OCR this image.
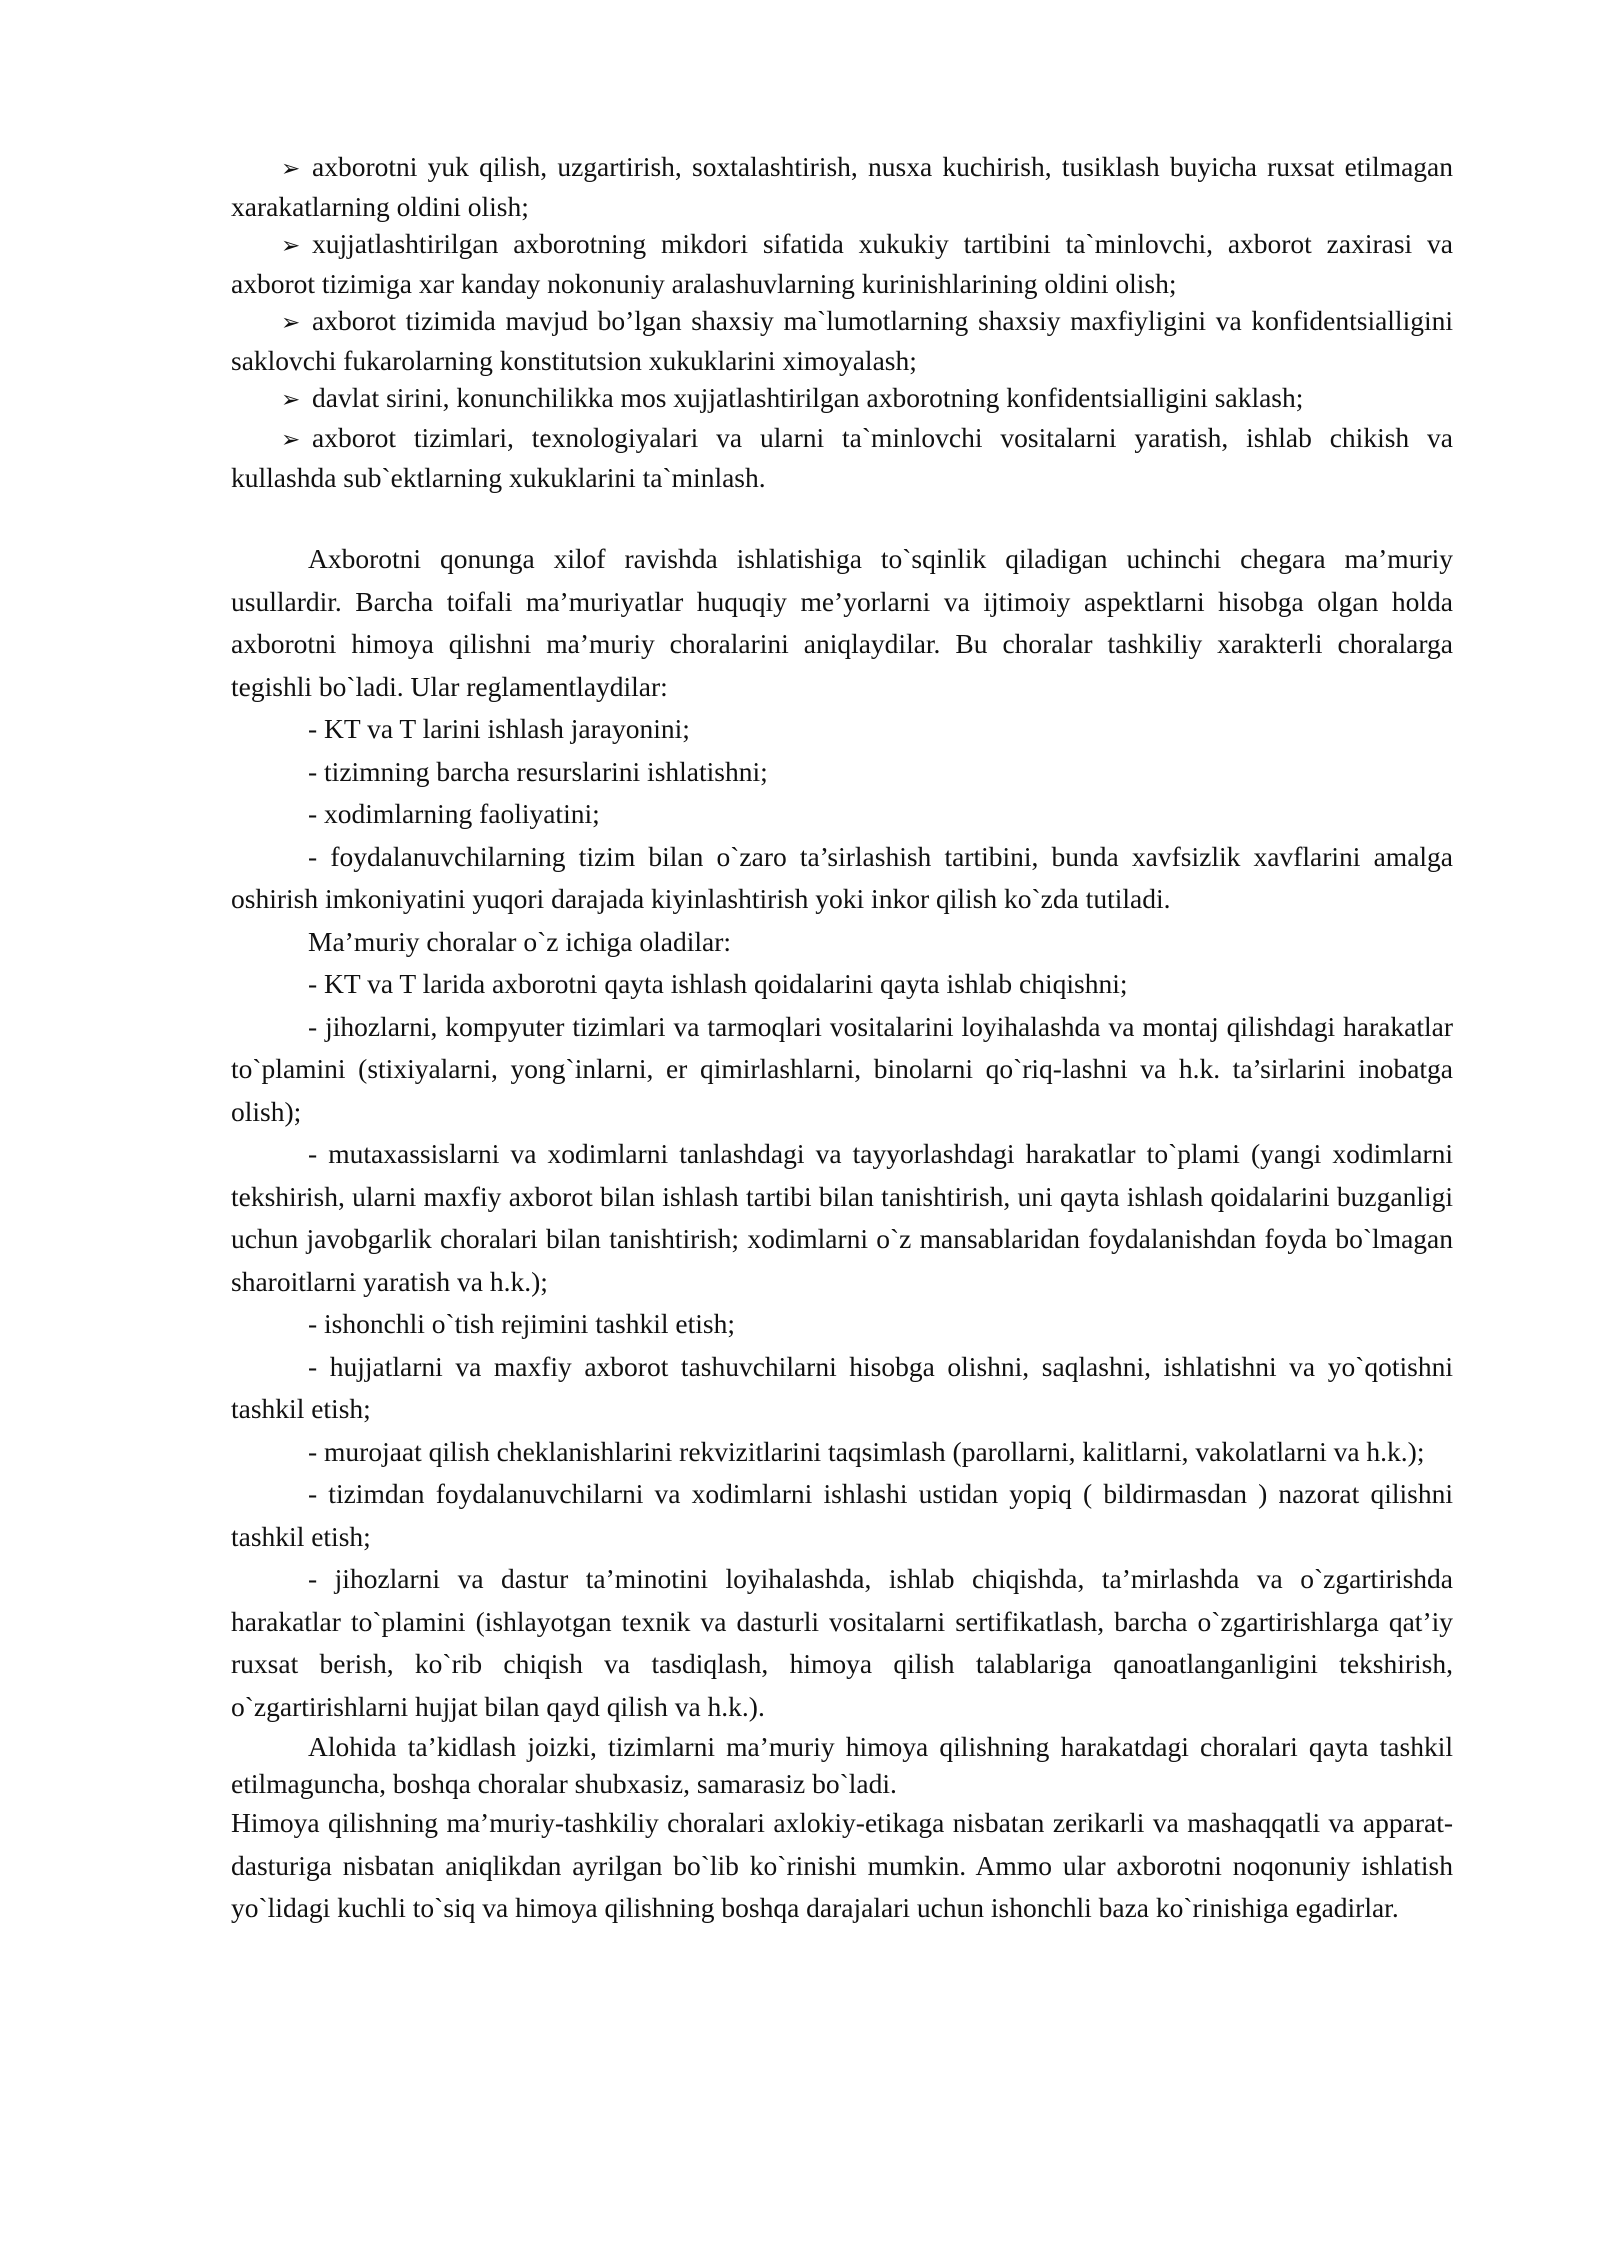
➢ axborotni yuk qilish, uzgartirish, soxtalashtirish, nusxa kuchirish, tusiklash buyicha ruxsat etilmagan xarakatlarning oldini olish;

➢ xujjatlashtirilgan axborotning mikdori sifatida xukukiy tartibini ta`minlovchi, axborot zaxirasi va axborot tizimiga xar kanday nokonuniy aralashuvlarning kurinishlarining oldini olish;

➢ axborot tizimida mavjud bo’lgan shaxsiy ma`lumotlarning shaxsiy maxfiyligini va konfidentsialligini saklovchi fukarolarning konstitutsion xukuklarini ximoyalash;

➢ davlat sirini, konunchilikka mos xujjatlashtirilgan axborotning konfidentsialligini saklash;

➢ axborot tizimlari, texnologiyalari va ularni ta`minlovchi vositalarni yaratish, ishlab chikish va kullashda sub`ektlarning xukuklarini ta`minlash.

Axborotni qonunga xilof ravishda ishlatishiga to`sqinlik qiladigan uchinchi chegara ma’muriy usullardir. Barcha toifali ma’muriyatlar huquqiy me’yorlarni va ijtimoiy aspektlarni hisobga olgan holda axborotni himoya qilishni ma’muriy choralarini aniqlaydilar. Bu choralar tashkiliy xarakterli choralarga tegishli bo`ladi. Ular reglamentlaydilar:

- KT va T larini ishlash jarayonini;

- tizimning barcha resurslarini ishlatishni;

- xodimlarning faoliyatini;

- foydalanuvchilarning tizim bilan o`zaro ta’sirlashish tartibini, bunda xavfsizlik xavflarini amalga oshirish imkoniyatini yuqori darajada kiyinlashtirish yoki inkor qilish ko`zda tutiladi.

Ma’muriy choralar o`z ichiga oladilar:

- KT va T larida axborotni qayta ishlash qoidalarini qayta ishlab chiqishni;

- jihozlarni, kompyuter tizimlari va tarmoqlari vositalarini loyihalashda va montaj qilishdagi harakatlar to`plamini (stixiyalarni, yong`inlarni, er qimirlashlarni, binolarni qo`riq-lashni va h.k. ta’sirlarini inobatga olish);

- mutaxassislarni va xodimlarni tanlashdagi va tayyorlashdagi harakatlar to`plami (yangi xodimlarni tekshirish, ularni maxfiy axborot bilan ishlash tartibi bilan tanishtirish, uni qayta ishlash qoidalarini buzganligi uchun javobgarlik choralari bilan tanishtirish; xodimlarni o`z mansablaridan foydalanishdan foyda bo`lmagan sharoitlarni yaratish va h.k.);

- ishonchli o`tish rejimini tashkil etish;

- hujjatlarni va maxfiy axborot tashuvchilarni hisobga olishni, saqlashni, ishlatishni va yo`qotishni tashkil etish;

- murojaat qilish cheklanishlarini rekvizitlarini taqsimlash (parollarni, kalitlarni, vakolatlarni va h.k.);

- tizimdan foydalanuvchilarni va xodimlarni ishlashi ustidan yopiq ( bildirmasdan ) nazorat qilishni tashkil etish;

- jihozlarni va dastur ta’minotini loyihalashda, ishlab chiqishda, ta’mirlashda va o`zgartirishda harakatlar to`plamini (ishlayotgan texnik va dasturli vositalarni sertifikatlash, barcha o`zgartirishlarga qat’iy ruxsat berish, ko`rib chiqish va tasdiqlash, himoya qilish talablariga qanoatlanganligini tekshirish, o`zgartirishlarni hujjat bilan qayd qilish va h.k.).

Alohida ta’kidlash joizki, tizimlarni ma’muriy himoya qilishning harakatdagi choralari qayta tashkil etilmaguncha, boshqa choralar shubxasiz, samarasiz bo`ladi.

Himoya qilishning ma’muriy-tashkiliy choralari axlokiy-etikaga nisbatan zerikarli va mashaqqatli va apparat-dasturiga nisbatan aniqlikdan ayrilgan bo`lib ko`rinishi mumkin. Ammo ular axborotni noqonuniy ishlatish yo`lidagi kuchli to`siq va himoya qilishning boshqa darajalari uchun ishonchli baza ko`rinishiga egadirlar.
